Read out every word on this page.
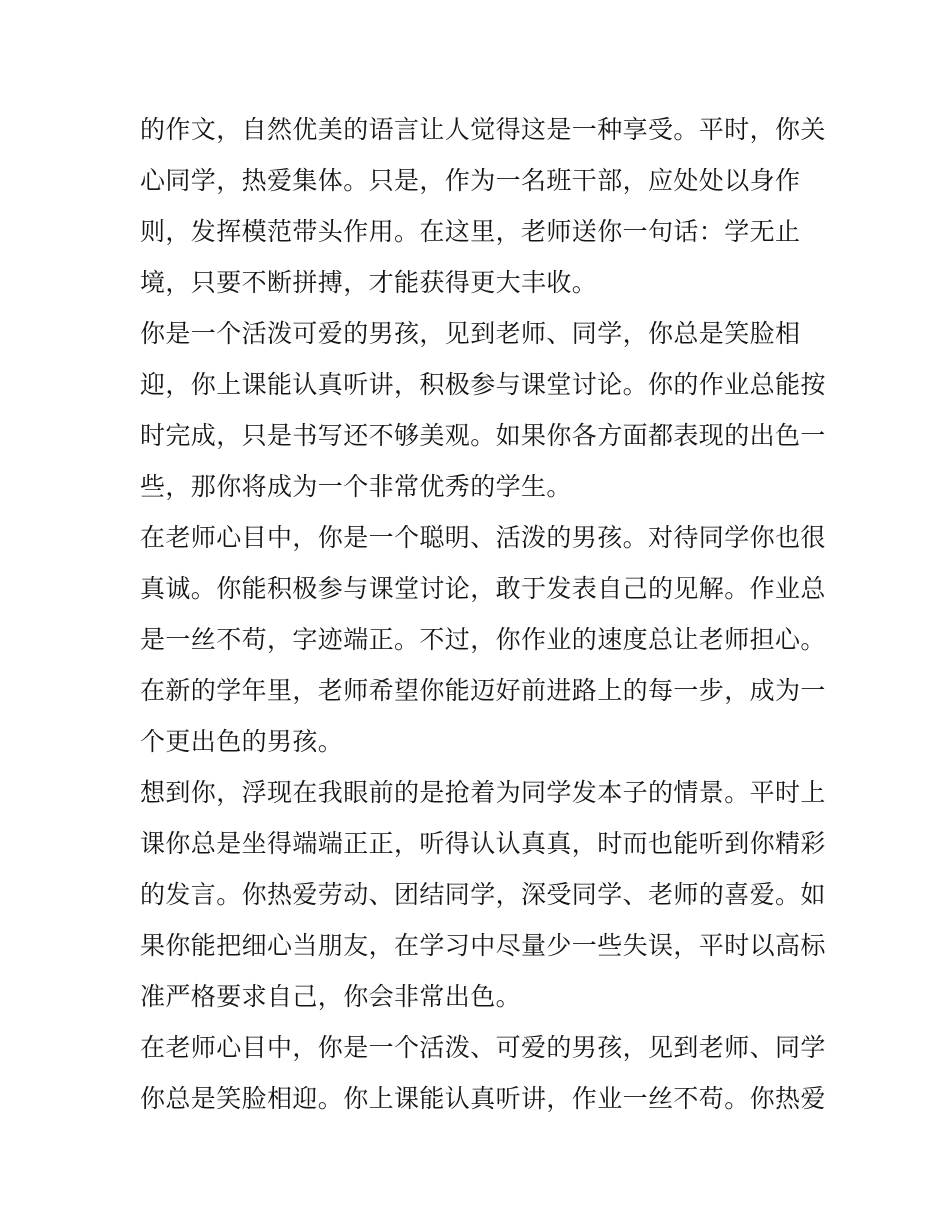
的作文，自然优美的语言让人觉得这是一种享受。平时，你关
心同学，热爱集体。只是，作为一名班干部，应处处以身作
则，发挥模范带头作用。在这里，老师送你一句话：学无止
境，只要不断拼搏，才能获得更大丰收。
你是一个活泼可爱的男孩，见到老师、同学，你总是笑脸相
迎，你上课能认真听讲，积极参与课堂讨论。你的作业总能按
时完成，只是书写还不够美观。如果你各方面都表现的出色一
些，那你将成为一个非常优秀的学生。
在老师心目中，你是一个聪明、活泼的男孩。对待同学你也很
真诚。你能积极参与课堂讨论，敢于发表自己的见解。作业总
是一丝不苟，字迹端正。不过，你作业的速度总让老师担心。
在新的学年里，老师希望你能迈好前进路上的每一步，成为一
个更出色的男孩。
想到你，浮现在我眼前的是抢着为同学发本子的情景。平时上
课你总是坐得端端正正，听得认认真真，时而也能听到你精彩
的发言。你热爱劳动、团结同学，深受同学、老师的喜爱。如
果你能把细心当朋友，在学习中尽量少一些失误，平时以高标
准严格要求自己，你会非常出色。
在老师心目中，你是一个活泼、可爱的男孩，见到老师、同学
你总是笑脸相迎。你上课能认真听讲，作业一丝不苟。你热爱
